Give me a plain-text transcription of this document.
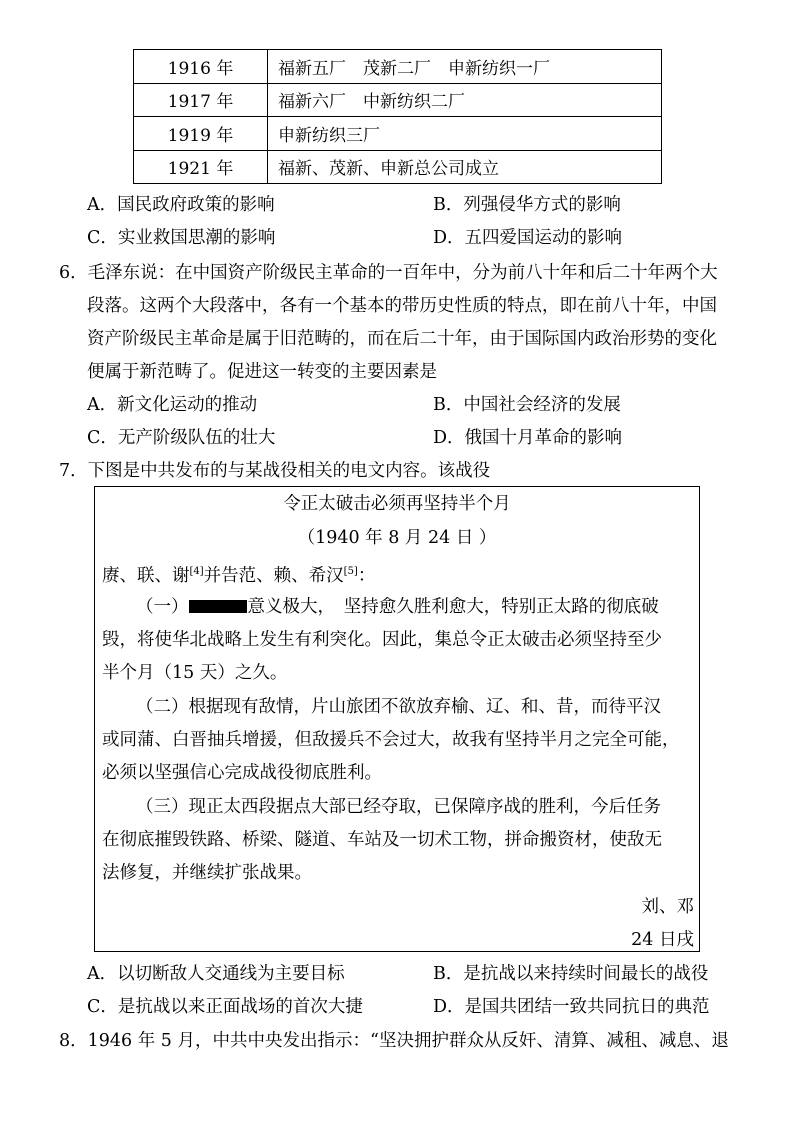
1916 年	福新五厂　茂新二厂　申新纺织一厂
1917 年	福新六厂　中新纺织二厂
1919 年	申新纺织三厂
1921 年	福新、茂新、申新总公司成立
A．国民政府政策的影响	B．列强侵华方式的影响
C．实业救国思潮的影响	D．五四爱国运动的影响
6．毛泽东说：在中国资产阶级民主革命的一百年中，分为前八十年和后二十年两个大
段落。这两个大段落中，各有一个基本的带历史性质的特点，即在前八十年，中国
资产阶级民主革命是属于旧范畴的，而在后二十年，由于国际国内政治形势的变化
便属于新范畴了。促进这一转变的主要因素是
A．新文化运动的推动	B．中国社会经济的发展
C．无产阶级队伍的壮大	D．俄国十月革命的影响
7．下图是中共发布的与某战役相关的电文内容。该战役
令正太破击必须再坚持半个月
（1940 年 8 月 24 日 ）
赓、联、谢[4]并告范、赖、希汉[5]：
（一）	意义极大，　坚持愈久胜利愈大，特别正太路的彻底破
毁，将使华北战略上发生有利突化。因此，集总令正太破击必须坚持至少
半个月（15 天）之久。
（二）根据现有敌情，片山旅团不欲放弃榆、辽、和、昔，而待平汉
或同蒲、白晋抽兵增援，但敌援兵不会过大，故我有坚持半月之完全可能，
必须以坚强信心完成战役彻底胜利。
（三）现正太西段据点大部已经夺取，已保障序战的胜利，今后任务
在彻底摧毁铁路、桥梁、隧道、车站及一切术工物，拼命搬资材，使敌无
法修复，并继续扩张战果。
刘、邓
24 日戌
A．以切断敌人交通线为主要目标	B．是抗战以来持续时间最长的战役
C．是抗战以来正面战场的首次大捷	D．是国共团结一致共同抗日的典范
8．1946 年 5 月，中共中央发出指示：“坚决拥护群众从反奸、清算、减租、减息、退
